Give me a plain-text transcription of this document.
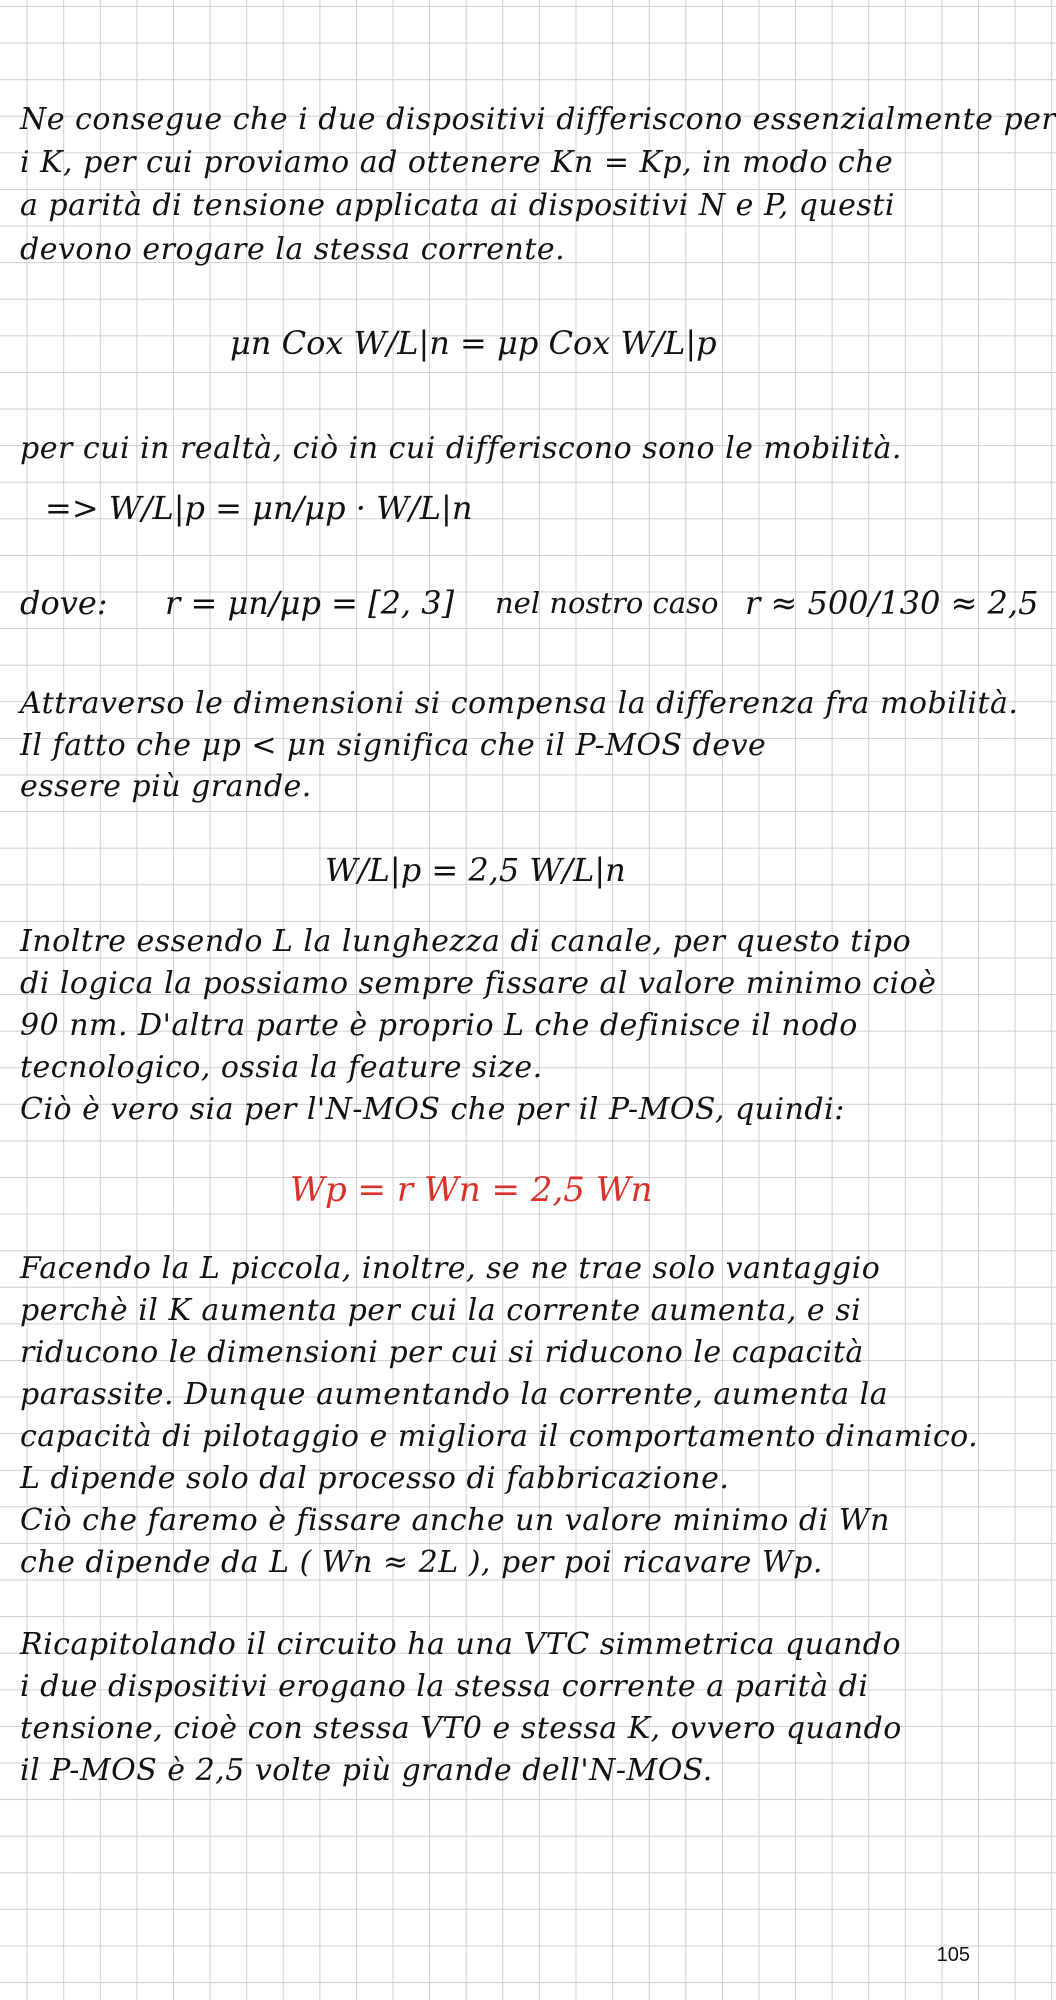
Ne consegue che i due dispositivi differiscono essenzialmente per
i K, per cui proviamo ad ottenere Kn = Kp, in modo che
a parità di tensione applicata ai dispositivi N e P, questi
devono erogare la stessa corrente.
μn Cox W/L|n = μp Cox W/L|p
per cui in realtà, ciò in cui differiscono sono le mobilità.
=> W/L|p = μn/μp · W/L|n
dove: r = μn/μp = [2, 3] nel nostro caso r ≈ 500/130 ≈ 2,5
Attraverso le dimensioni si compensa la differenza fra mobilità.
Il fatto che μp < μn significa che il P-MOS deve
essere più grande.
W/L|p = 2,5 W/L|n
Inoltre essendo L la lunghezza di canale, per questo tipo
di logica la possiamo sempre fissare al valore minimo cioè
90 nm. D'altra parte è proprio L che definisce il nodo
tecnologico, ossia la feature size.
Ciò è vero sia per l'N-MOS che per il P-MOS, quindi:
Wp = r Wn = 2,5 Wn
Facendo la L piccola, inoltre, se ne trae solo vantaggio
perchè il K aumenta per cui la corrente aumenta, e si
riducono le dimensioni per cui si riducono le capacità
parassite. Dunque aumentando la corrente, aumenta la
capacità di pilotaggio e migliora il comportamento dinamico.
L dipende solo dal processo di fabbricazione.
Ciò che faremo è fissare anche un valore minimo di Wn
che dipende da L ( Wn ≈ 2L ), per poi ricavare Wp.
Ricapitolando il circuito ha una VTC simmetrica quando
i due dispositivi erogano la stessa corrente a parità di
tensione, cioè con stessa VT0 e stessa K, ovvero quando
il P-MOS è 2,5 volte più grande dell'N-MOS.
105
